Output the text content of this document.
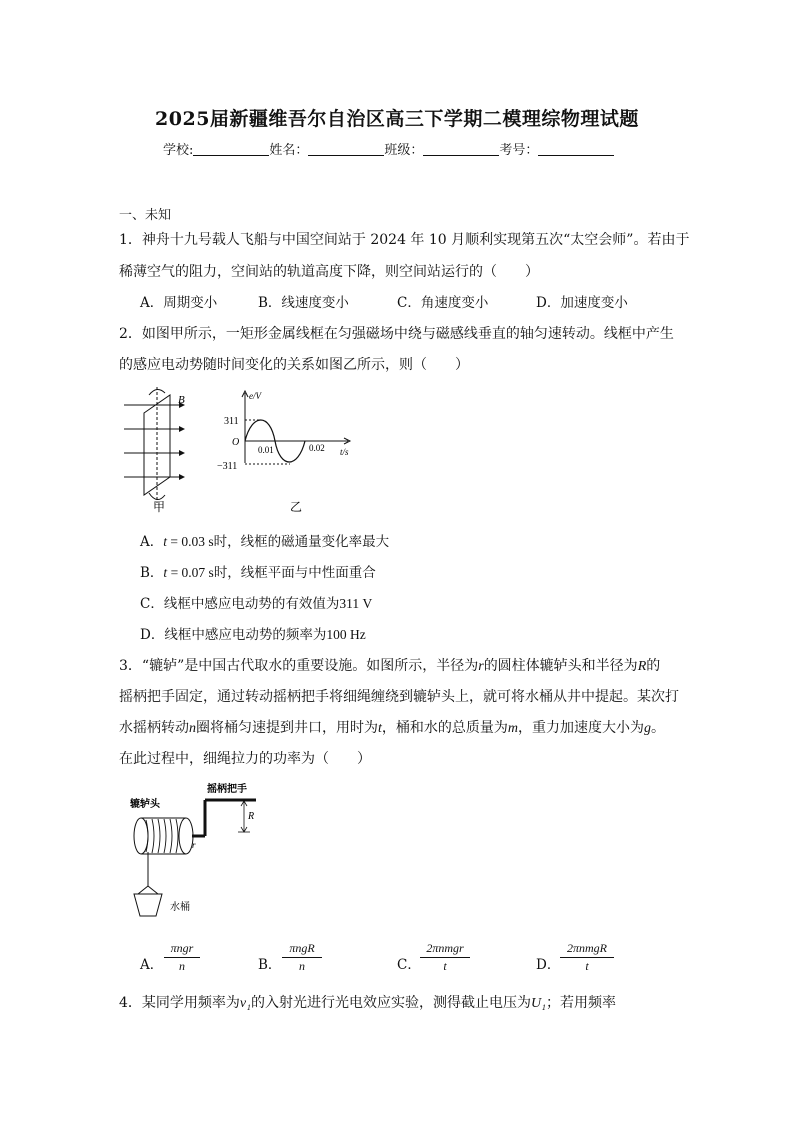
2025届新疆维吾尔自治区高三下学期二模理综物理试题
学校:	姓名：	班级：	考号：
一、未知
1．神舟十九号载人飞船与中国空间站于 2024 年 10 月顺利实现第五次“太空会师”。若由于
稀薄空气的阻力，空间站的轨道高度下降，则空间站运行的（　　）
A．周期变小	B．线速度变小	C．角速度变小	D．加速度变小
2．如图甲所示，一矩形金属线框在匀强磁场中绕与磁感线垂直的轴匀速转动。线框中产生
的感应电动势随时间变化的关系如图乙所示，则（　　）
B
甲
e/V
t/s
O
311
−311
0.01	0.02
乙
A．t = 0.03 s时，线框的磁通量变化率最大
B．t = 0.07 s时，线框平面与中性面重合
C．线框中感应电动势的有效值为311 V
D．线框中感应电动势的频率为100 Hz
3．“辘轳”是中国古代取水的重要设施。如图所示，半径为r的圆柱体辘轳头和半径为R的
摇柄把手固定，通过转动摇柄把手将细绳缠绕到辘轳头上，就可将水桶从井中提起。某次打
水摇柄转动n圈将桶匀速提到井口，用时为t，桶和水的总质量为m，重力加速度大小为g。
在此过程中，细绳拉力的功率为（　　）
摇柄把手
辘轳头
水桶
R
r
A．
πngr
n	B．
πngR
n	C．
2πnmgr
t	D．
2πnmgR
t
4．某同学用频率为ν₁的入射光进行光电效应实验，测得截止电压为U₁；若用频率
